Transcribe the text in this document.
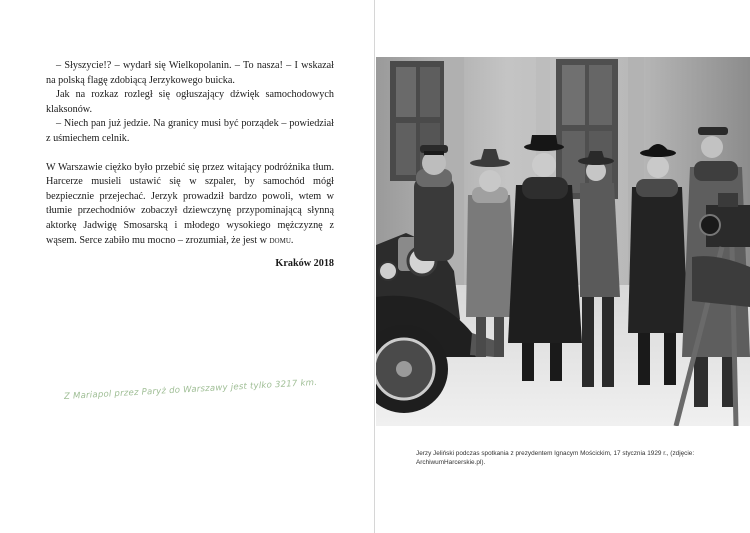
– Słyszycie!? – wydarł się Wielkopolanin. – To nasza! – I wskazał na polską flagę zdobiącą Jerzykowego buicka.

Jak na rozkaz rozległ się ogłuszający dźwięk samochodowych klaksonów.

– Niech pan już jedzie. Na granicy musi być porządek – powiedział z uśmiechem celnik.

W Warszawie ciężko było przebić się przez witający podróżnika tłum. Harcerze musieli ustawić się w szpaler, by samochód mógł bezpiecznie przejechać. Jerzyk prowadził bardzo powoli, wtem w tłumie przechodniów zobaczył dziewczynę przypominającą słynną aktorkę Jadwigę Smosarską i młodego wysokiego mężczyznę z wąsem. Serce zabiło mu mocno – zrozumiał, że jest w domu.

Kraków 2018
Z Mariapol przez Paryż do Warszawy jest tylko 3217 km.
Jerzy Jeliński podczas spotkania z prezydentem Ignacym Mościckim, 17 stycznia 1929 r., (zdjęcie: ArchiwumHarcerskie.pl).
